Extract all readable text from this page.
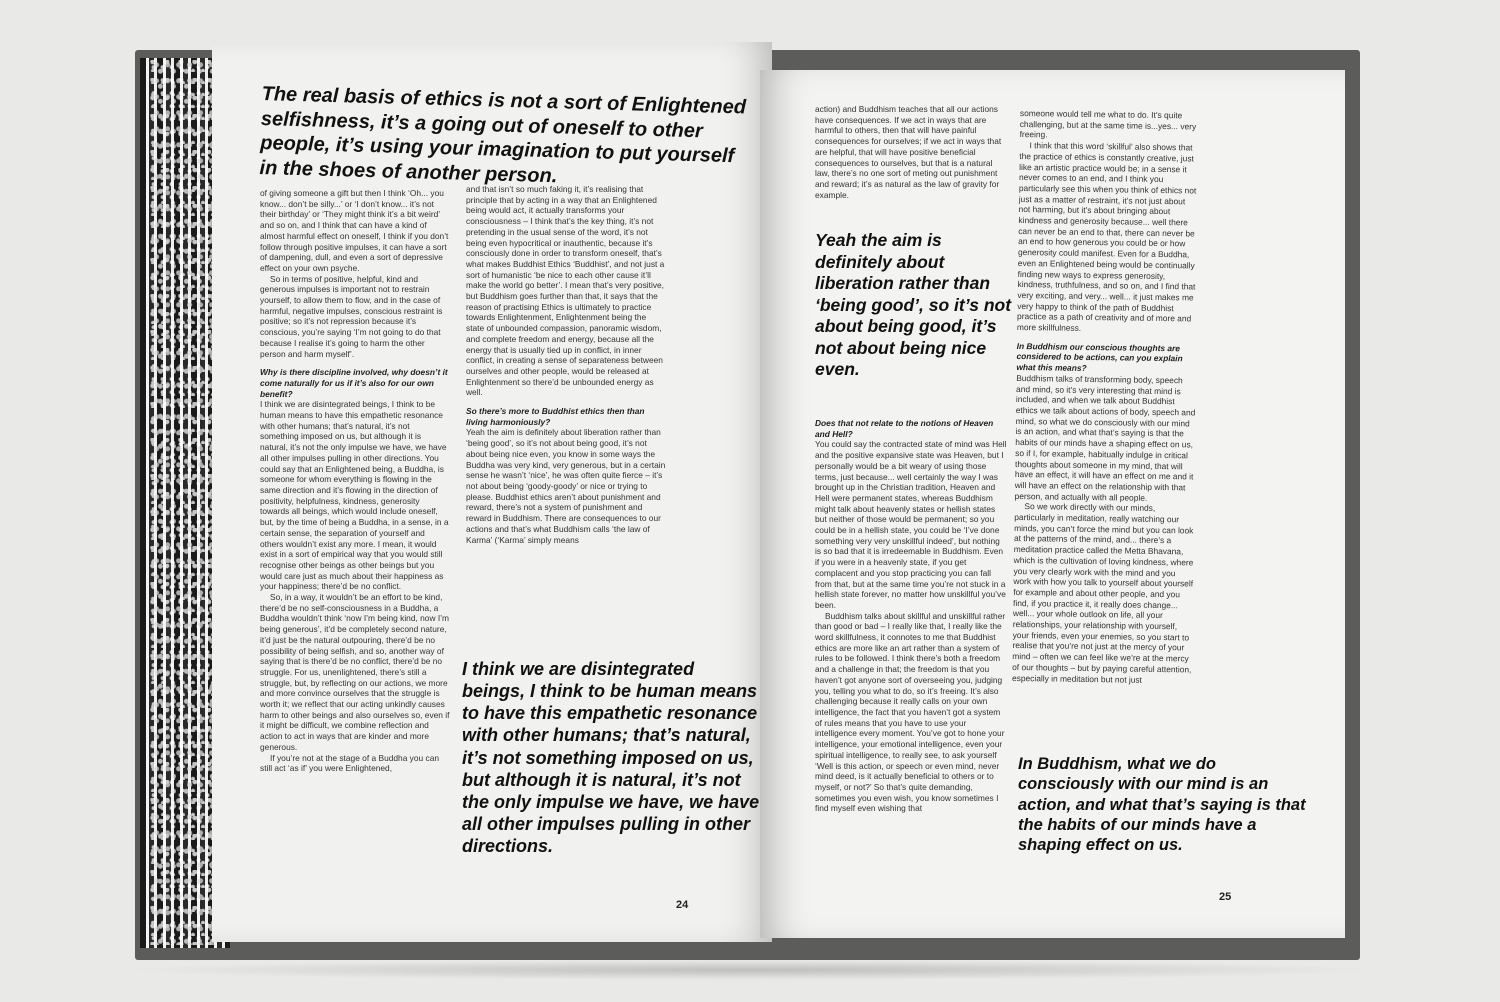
The real basis of ethics is not a sort of Enlightened selfishness, it’s a going out of oneself to other people, it’s using your imagination to put yourself in the shoes of another person.

of giving someone a gift but then I think ‘Oh... you know... don’t be silly...’ or ‘I don’t know... it’s not their birthday’ or ‘They might think it’s a bit weird’ and so on, and I think that can have a kind of almost harmful effect on oneself, I think if you don’t follow through positive impulses, it can have a sort of dampening, dull, and even a sort of depressive effect on your own psyche.

So in terms of positive, helpful, kind and generous impulses is important not to restrain yourself, to allow them to flow, and in the case of harmful, negative impulses, conscious restraint is positive; so it’s not repression because it’s conscious, you’re saying ‘I’m not going to do that because I realise it’s going to harm the other person and harm myself’.

Why is there discipline involved, why doesn’t it come naturally for us if it’s also for our own benefit?

I think we are disintegrated beings, I think to be human means to have this empathetic resonance with other humans; that’s natural, it’s not something imposed on us, but although it is natural, it’s not the only impulse we have, we have all other impulses pulling in other directions. You could say that an Enlightened being, a Buddha, is someone for whom everything is flowing in the same direction and it’s flowing in the direction of positivity, helpfulness, kindness, generosity towards all beings, which would include oneself, but, by the time of being a Buddha, in a sense, in a certain sense, the separation of yourself and others wouldn’t exist any more. I mean, it would exist in a sort of empirical way that you would still recognise other beings as other beings but you would care just as much about their happiness as your happiness; there’d be no conflict.

So, in a way, it wouldn’t be an effort to be kind, there’d be no self-consciousness in a Buddha, a Buddha wouldn’t think ‘now I’m being kind, now I’m being generous’, it’d be completely second nature, it’d just be the natural outpouring, there’d be no possibility of being selfish, and so, another way of saying that is there’d be no conflict, there’d be no struggle. For us, unenlightened, there’s still a struggle, but, by reflecting on our actions, we more and more convince ourselves that the struggle is worth it; we reflect that our acting unkindly causes harm to other beings and also ourselves so, even if it might be difficult, we combine reflection and action to act in ways that are kinder and more generous.

If you’re not at the stage of a Buddha you can still act ‘as if’ you were Enlightened,

and that isn’t so much faking it, it’s realising that principle that by acting in a way that an Enlightened being would act, it actually transforms your consciousness – I think that’s the key thing, it’s not pretending in the usual sense of the word, it’s not being even hypocritical or inauthentic, because it’s consciously done in order to transform oneself, that’s what makes Buddhist Ethics ‘Buddhist’, and not just a sort of humanistic ‘be nice to each other cause it’ll make the world go better’. I mean that’s very positive, but Buddhism goes further than that, it says that the reason of practising Ethics is ultimately to practice towards Enlightenment, Enlightenment being the state of unbounded compassion, panoramic wisdom, and complete freedom and energy, because all the energy that is usually tied up in conflict, in inner conflict, in creating a sense of separateness between ourselves and other people, would be released at Enlightenment so there’d be unbounded energy as well.

So there’s more to Buddhist ethics then than living harmoniously?

Yeah the aim is definitely about liberation rather than ‘being good’, so it’s not about being good, it’s not about being nice even, you know in some ways the Buddha was very kind, very generous, but in a certain sense he wasn’t ‘nice’, he was often quite fierce – it’s not about being ‘goody-goody’ or nice or trying to please. Buddhist ethics aren’t about punishment and reward, there’s not a system of punishment and reward in Buddhism. There are consequences to our actions and that’s what Buddhism calls ‘the law of Karma’ (‘Karma’ simply means

I think we are disintegrated beings, I think to be human means to have this empathetic resonance with other humans; that’s natural, it’s not something imposed on us, but although it is natural, it’s not the only impulse we have, we have all other impulses pulling in other directions.
24

action) and Buddhism teaches that all our actions have consequences. If we act in ways that are harmful to others, then that will have painful consequences for ourselves; if we act in ways that are helpful, that will have positive beneficial consequences to ourselves, but that is a natural law, there’s no one sort of meting out punishment and reward; it’s as natural as the law of gravity for example.

Yeah the aim is definitely about liberation rather than ‘being good’, so it’s not about being good, it’s not about being nice even.

Does that not relate to the notions of Heaven and Hell?

You could say the contracted state of mind was Hell and the positive expansive state was Heaven, but I personally would be a bit weary of using those terms, just because... well certainly the way I was brought up in the Christian tradition, Heaven and Hell were permanent states, whereas Buddhism might talk about heavenly states or hellish states but neither of those would be permanent; so you could be in a hellish state, you could be ‘I’ve done something very very unskillful indeed’, but nothing is so bad that it is irredeemable in Buddhism. Even if you were in a heavenly state, if you get complacent and you stop practicing you can fall from that, but at the same time you’re not stuck in a hellish state forever, no matter how unskillful you’ve been.

Buddhism talks about skillful and unskillful rather than good or bad – I really like that, I really like the word skillfulness, it connotes to me that Buddhist ethics are more like an art rather than a system of rules to be followed. I think there’s both a freedom and a challenge in that; the freedom is that you haven’t got anyone sort of overseeing you, judging you, telling you what to do, so it’s freeing. It’s also challenging because it really calls on your own intelligence, the fact that you haven’t got a system of rules means that you have to use your intelligence every moment. You’ve got to hone your intelligence, your emotional intelligence, even your spiritual intelligence, to really see, to ask yourself ‘Well is this action, or speech or even mind, never mind deed, is it actually beneficial to others or to myself, or not?’ So that’s quite demanding, sometimes you even wish, you know sometimes I find myself even wishing that

someone would tell me what to do. It’s quite challenging, but at the same time is...yes... very freeing.

I think that this word ‘skillful’ also shows that the practice of ethics is constantly creative, just like an artistic practice would be; in a sense it never comes to an end, and I think you particularly see this when you think of ethics not just as a matter of restraint, it’s not just about not harming, but it’s about bringing about kindness and generosity because... well there can never be an end to that, there can never be an end to how generous you could be or how generosity could manifest. Even for a Buddha, even an Enlightened being would be continually finding new ways to express generosity, kindness, truthfulness, and so on, and I find that very exciting, and very... well... it just makes me very happy to think of the path of Buddhist practice as a path of creativity and of more and more skillfulness.

In Buddhism our conscious thoughts are considered to be actions, can you explain what this means?

Buddhism talks of transforming body, speech and mind, so it’s very interesting that mind is included, and when we talk about Buddhist ethics we talk about actions of body, speech and mind, so what we do consciously with our mind is an action, and what that’s saying is that the habits of our minds have a shaping effect on us, so if I, for example, habitually indulge in critical thoughts about someone in my mind, that will have an effect, it will have an effect on me and it will have an effect on the relationship with that person, and actually with all people.

So we work directly with our minds, particularly in meditation, really watching our minds, you can’t force the mind but you can look at the patterns of the mind, and... there’s a meditation practice called the Metta Bhavana, which is the cultivation of loving kindness, where you very clearly work with the mind and you work with how you talk to yourself about yourself for example and about other people, and you find, if you practice it, it really does change... well... your whole outlook on life, all your relationships, your relationship with yourself, your friends, even your enemies, so you start to realise that you’re not just at the mercy of your mind – often we can feel like we’re at the mercy of our thoughts – but by paying careful attention, especially in meditation but not just

In Buddhism, what we do consciously with our mind is an action, and what that’s saying is that the habits of our minds have a shaping effect on us.
25
